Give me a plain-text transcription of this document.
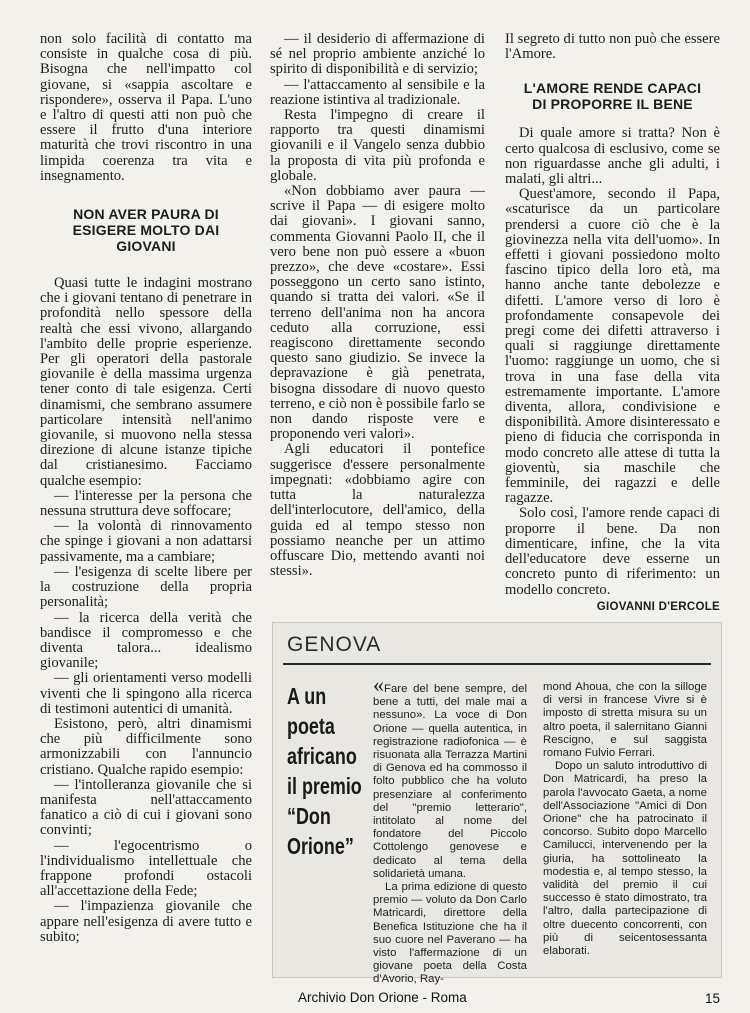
non solo facilità di contatto ma consiste in qualche cosa di più. Bisogna che nell'impatto col giovane, si «sappia ascoltare e rispondere», osserva il Papa. L'uno e l'altro di questi atti non può che essere il frutto d'una interiore maturità che trovi riscontro in una limpida coerenza tra vita e insegnamento.

NON AVER PAURA DI ESIGERE MOLTO DAI GIOVANI

Quasi tutte le indagini mostrano che i giovani tentano di penetrare in profondità nello spessore della realtà che essi vivono, allargando l'ambito delle proprie esperienze. Per gli operatori della pastorale giovanile è della massima urgenza tener conto di tale esigenza. Certi dinamismi, che sembrano assumere particolare intensità nell'animo giovanile, si muovono nella stessa direzione di alcune istanze tipiche dal cristianesimo. Facciamo qualche esempio:

— l'interesse per la persona che nessuna struttura deve soffocare;

— la volontà di rinnovamento che spinge i giovani a non adattarsi passivamente, ma a cambiare;

— l'esigenza di scelte libere per la costruzione della propria personalità;

— la ricerca della verità che bandisce il compromesso e che diventa talora... idealismo giovanile;

— gli orientamenti verso modelli viventi che li spingono alla ricerca di testimoni autentici di umanità.

Esistono, però, altri dinamismi che più difficilmente sono armonizzabili con l'annuncio cristiano. Qualche rapido esempio:

— l'intolleranza giovanile che si manifesta nell'attaccamento fanatico a ciò di cui i giovani sono convinti;

— l'egocentrismo o l'individualismo intellettuale che frappone profondi ostacoli all'accettazione della Fede;

— l'impazienza giovanile che appare nell'esigenza di avere tutto e subito;

— il desiderio di affermazione di sé nel proprio ambiente anziché lo spirito di disponibilità e di servizio;

— l'attaccamento al sensibile e la reazione istintiva al tradizionale.

Resta l'impegno di creare il rapporto tra questi dinamismi giovanili e il Vangelo senza dubbio la proposta di vita più profonda e globale.

«Non dobbiamo aver paura — scrive il Papa — di esigere molto dai giovani». I giovani sanno, commenta Giovanni Paolo II, che il vero bene non può essere a «buon prezzo», che deve «costare». Essi posseggono un certo sano istinto, quando si tratta dei valori. «Se il terreno dell'anima non ha ancora ceduto alla corruzione, essi reagiscono direttamente secondo questo sano giudizio. Se invece la depravazione è già penetrata, bisogna dissodare di nuovo questo terreno, e ciò non è possibile farlo se non dando risposte vere e proponendo veri valori».

Agli educatori il pontefice suggerisce d'essere personalmente impegnati: «dobbiamo agire con tutta la naturalezza dell'interlocutore, dell'amico, della guida ed al tempo stesso non possiamo neanche per un attimo offuscare Dio, mettendo avanti noi stessi».

Il segreto di tutto non può che essere l'Amore.

L'AMORE RENDE CAPACI DI PROPORRE IL BENE

Di quale amore si tratta? Non è certo qualcosa di esclusivo, come se non riguardasse anche gli adulti, i malati, gli altri...

Quest'amore, secondo il Papa, «scaturisce da un particolare prendersi a cuore ciò che è la giovinezza nella vita dell'uomo». In effetti i giovani possiedono molto fascino tipico della loro età, ma hanno anche tante debolezze e difetti. L'amore verso di loro è profondamente consapevole dei pregi come dei difetti attraverso i quali si raggiunge direttamente l'uomo: raggiunge un uomo, che si trova in una fase della vita estremamente importante. L'amore diventa, allora, condivisione e disponibilità. Amore disinteressato e pieno di fiducia che corrisponda in modo concreto alle attese di tutta la gioventù, sia maschile che femminile, dei ragazzi e delle ragazze.

Solo così, l'amore rende capaci di proporre il bene. Da non dimenticare, infine, che la vita dell'educatore deve esserne un concreto punto di riferimento: un modello concreto.

GIOVANNI D'ERCOLE
GENOVA
A un
poeta
africano
il premio
“Don
Orione”

«Fare del bene sempre, del bene a tutti, del male mai a nessuno». La voce di Don Orione — quella autentica, in registrazione radiofonica — è risuonata alla Terrazza Martini di Genova ed ha commosso il folto pubblico che ha voluto presenziare al conferimento del "premio letterario", intitolato al nome del fondatore del Piccolo Cottolengo genovese e dedicato al tema della solidarietà umana.

La prima edizione di questo premio — voluto da Don Carlo Matricardi, direttore della Benefica Istituzione che ha il suo cuore nel Paverano — ha visto l'affermazione di un giovane poeta della Costa d'Avorio, Ray-

mond Ahoua, che con la silloge di versi in francese Vivre si è imposto di stretta misura su un altro poeta, il salernitano Gianni Rescigno, e sul saggista romano Fulvio Ferrari.

Dopo un saluto introduttivo di Don Matricardi, ha preso la parola l'avvocato Gaeta, a nome dell'Associazione "Amici di Don Orione" che ha patrocinato il concorso. Subito dopo Marcello Camilucci, intervenendo per la giuria, ha sottolineato la modestia e, al tempo stesso, la validità del premio il cui successo è stato dimostrato, tra l'altro, dalla partecipazione di oltre duecento concorrenti, con più di seicentosessanta elaborati.

Archivio Don Orione - Roma	15
